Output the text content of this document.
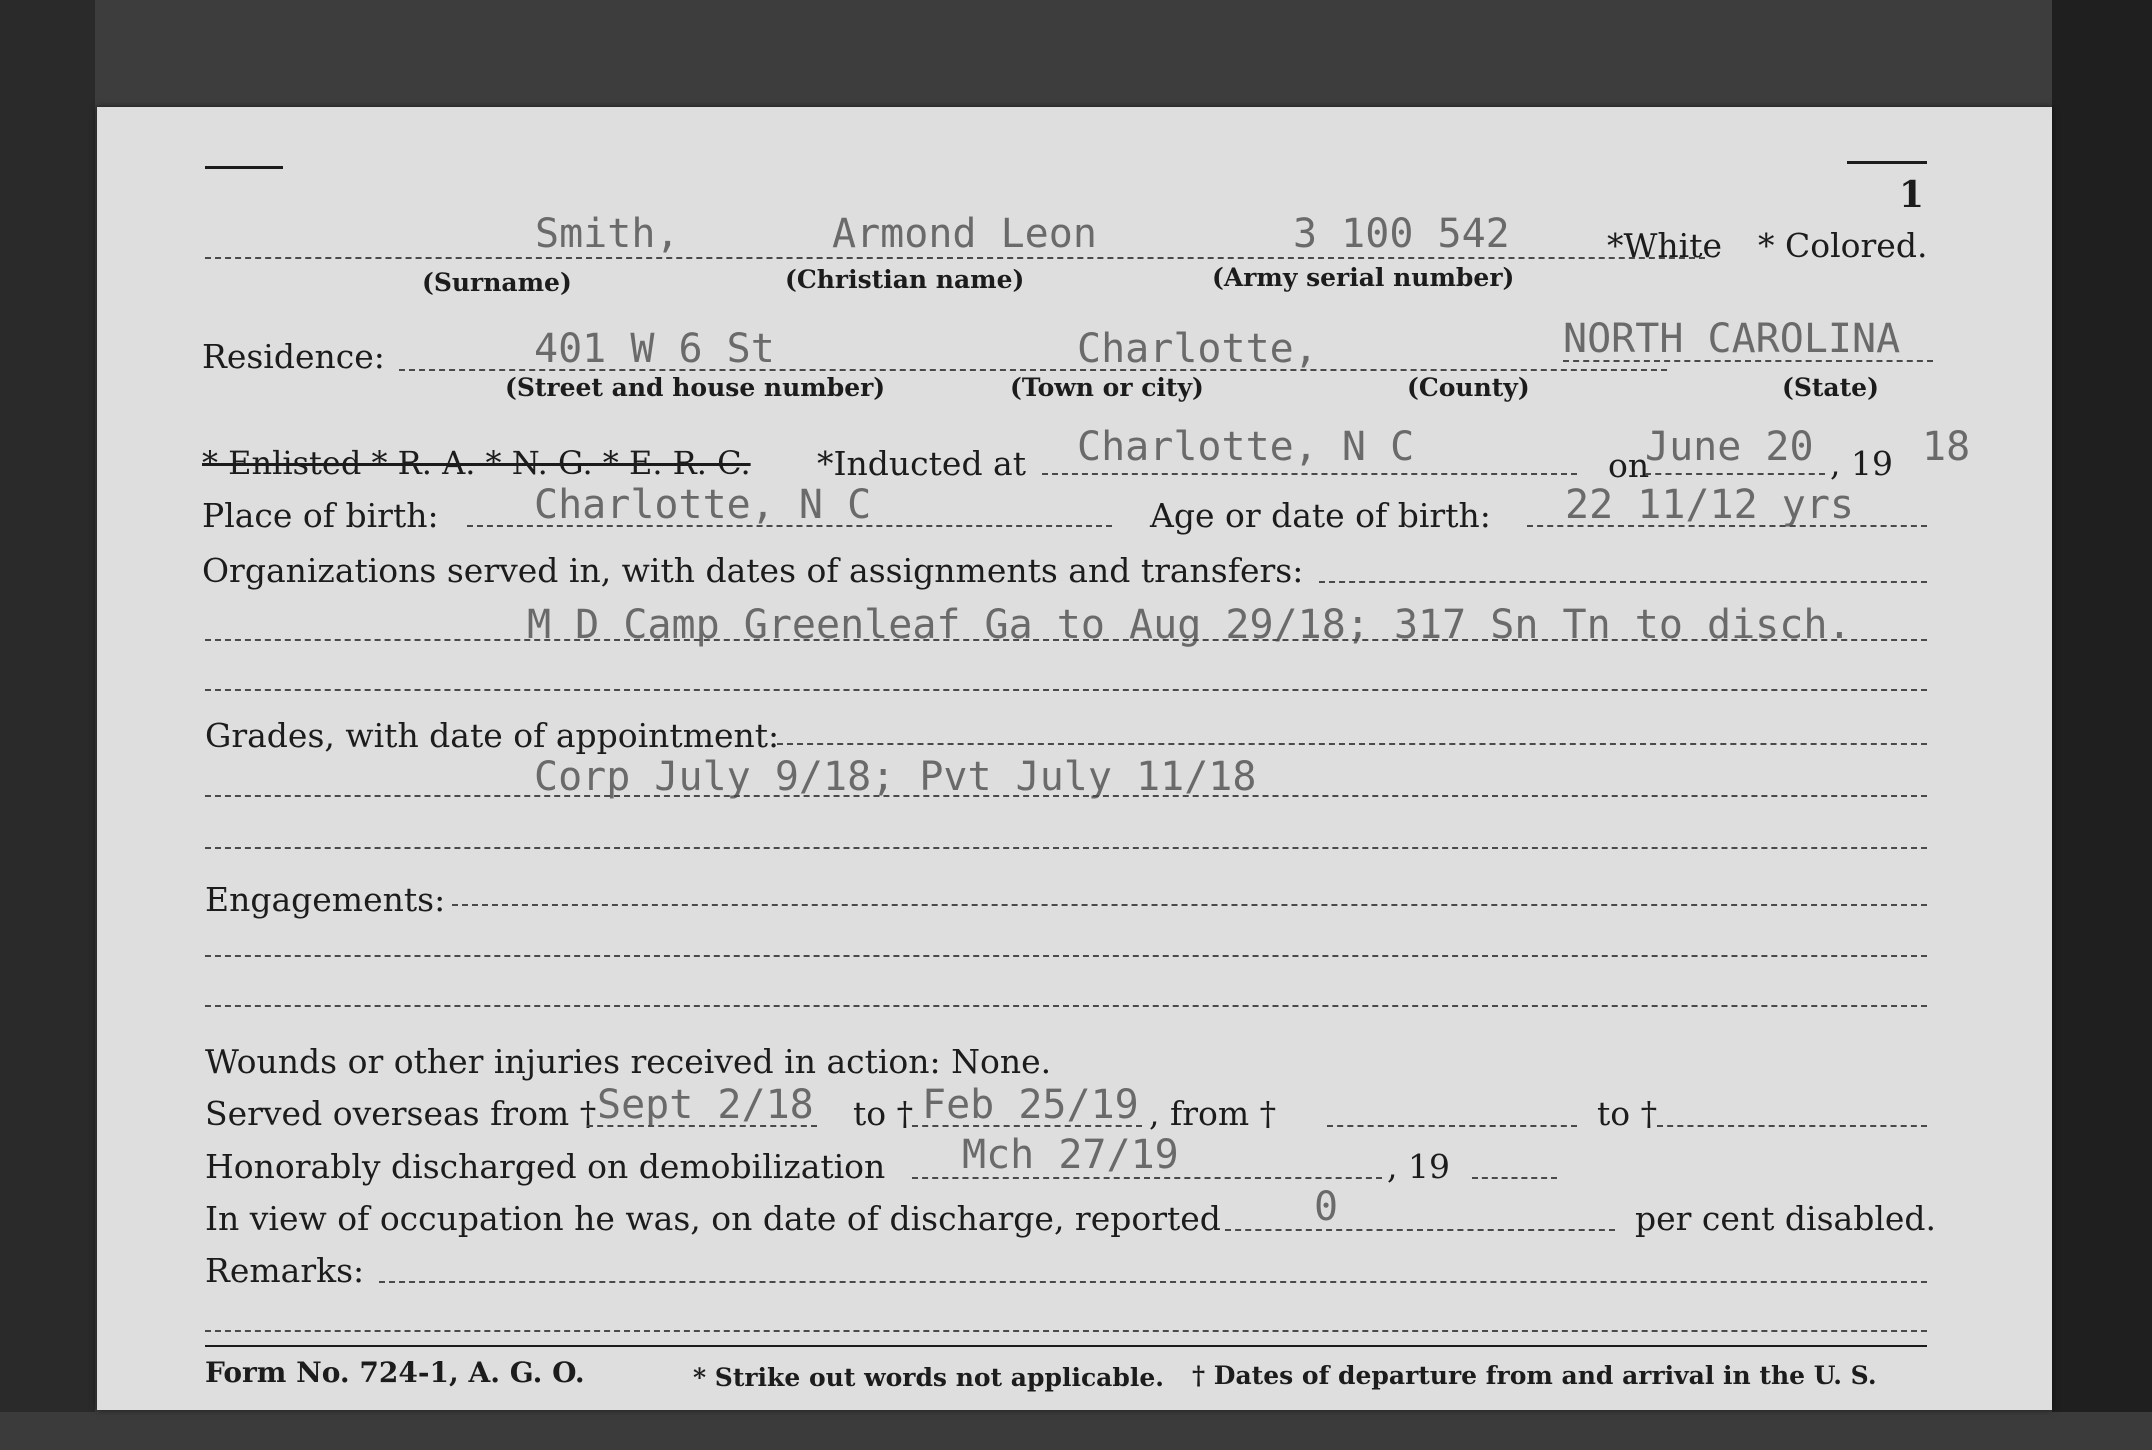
1
Smith,	Armond Leon	3 100 542	*White * Colored.
(Surname)	(Christian name)	(Army serial number)
Residence:	401 W 6 St	Charlotte,	NORTH CAROLINA
(Street and house number)	(Town or city)	(County)	(State)
* Enlisted * R. A. * N. G. * E. R. C. *Inducted at Charlotte, N C	on
June 20 , 19 18
Place of birth: Charlotte, N C	Age or date of birth: 22 11/12 yrs
Organizations served in, with dates of assignments and transfers:
M D Camp Greenleaf Ga to Aug 29/18; 317 Sn Tn to disch.
Grades, with date of appointment:
Corp July 9/18; Pvt July 11/18
Engagements:
Wounds or other injuries received in action: None.
Served overseas from † Sept 2/18 to † Feb 25/19 , from †	to †
Honorably discharged on demobilization Mch 27/19	, 19
In view of occupation he was, on date of discharge, reported 0	per cent disabled.
Remarks:
Form No. 724-1, A. G. O.	* Strike out words not applicable. † Dates of departure from and arrival in the U. S.
